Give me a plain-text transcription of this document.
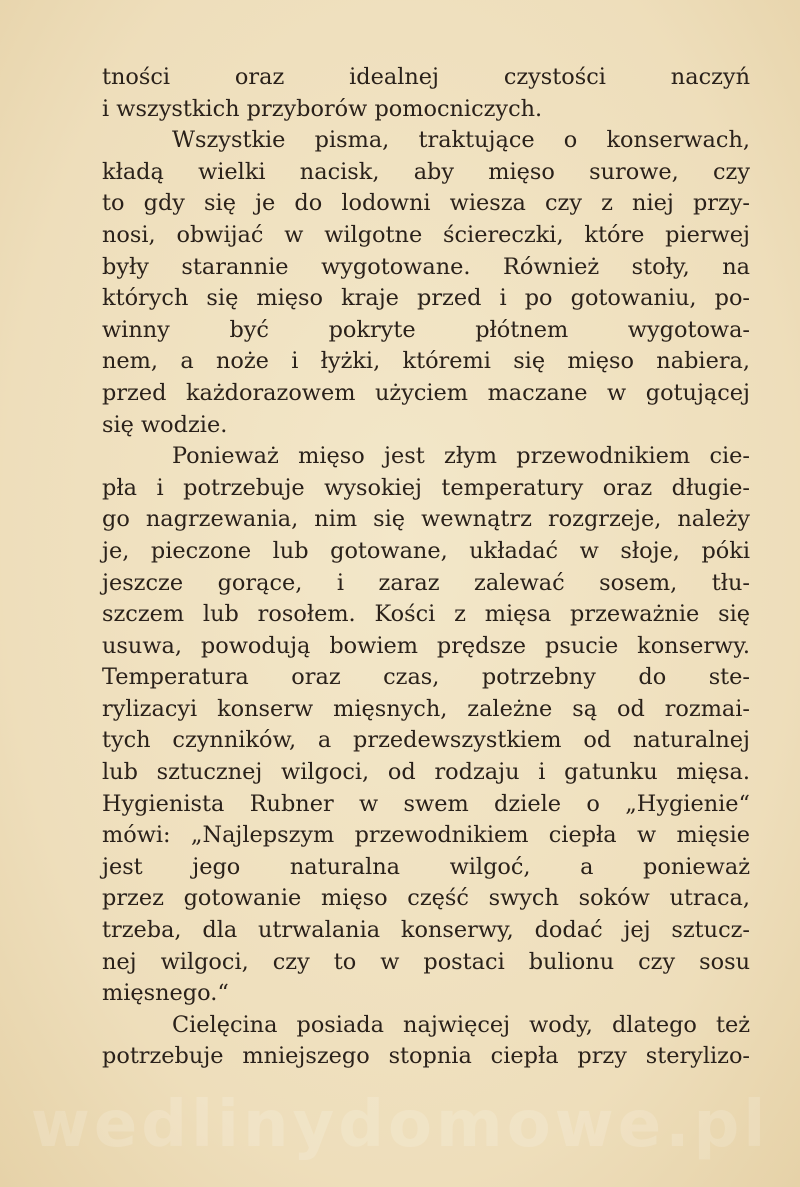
tności oraz idealnej czystości naczyń
i wszystkich przyborów pomocniczych.
Wszystkie pisma, traktujące o konserwach,
kładą wielki nacisk, aby mięso surowe, czy
to gdy się je do lodowni wiesza czy z niej przy-
nosi, obwijać w wilgotne ściereczki, które pierwej
były starannie wygotowane. Również stoły, na
których się mięso kraje przed i po gotowaniu, po-
winny być pokryte płótnem wygotowa-
nem, a noże i łyżki, któremi się mięso nabiera,
przed każdorazowem użyciem maczane w gotującej
się wodzie.
Ponieważ mięso jest złym przewodnikiem cie-
pła i potrzebuje wysokiej temperatury oraz długie-
go nagrzewania, nim się wewnątrz rozgrzeje, należy
je, pieczone lub gotowane, układać w słoje, póki
jeszcze gorące, i zaraz zalewać sosem, tłu-
szczem lub rosołem. Kości z mięsa przeważnie się
usuwa, powodują bowiem prędsze psucie konserwy.
Temperatura oraz czas, potrzebny do ste-
rylizacyi konserw mięsnych, zależne są od rozmai-
tych czynników, a przedewszystkiem od naturalnej
lub sztucznej wilgoci, od rodzaju i gatunku mięsa.
Hygienista Rubner w swem dziele o „Hygienie“
mówi: „Najlepszym przewodnikiem ciepła w mięsie
jest jego naturalna wilgoć, a ponieważ
przez gotowanie mięso część swych soków utraca,
trzeba, dla utrwalania konserwy, dodać jej sztucz-
nej wilgoci, czy to w postaci bulionu czy sosu
mięsnego.“
Cielęcina posiada najwięcej wody, dlatego też
potrzebuje mniejszego stopnia ciepła przy sterylizo-
wedlinydomowe.pl
